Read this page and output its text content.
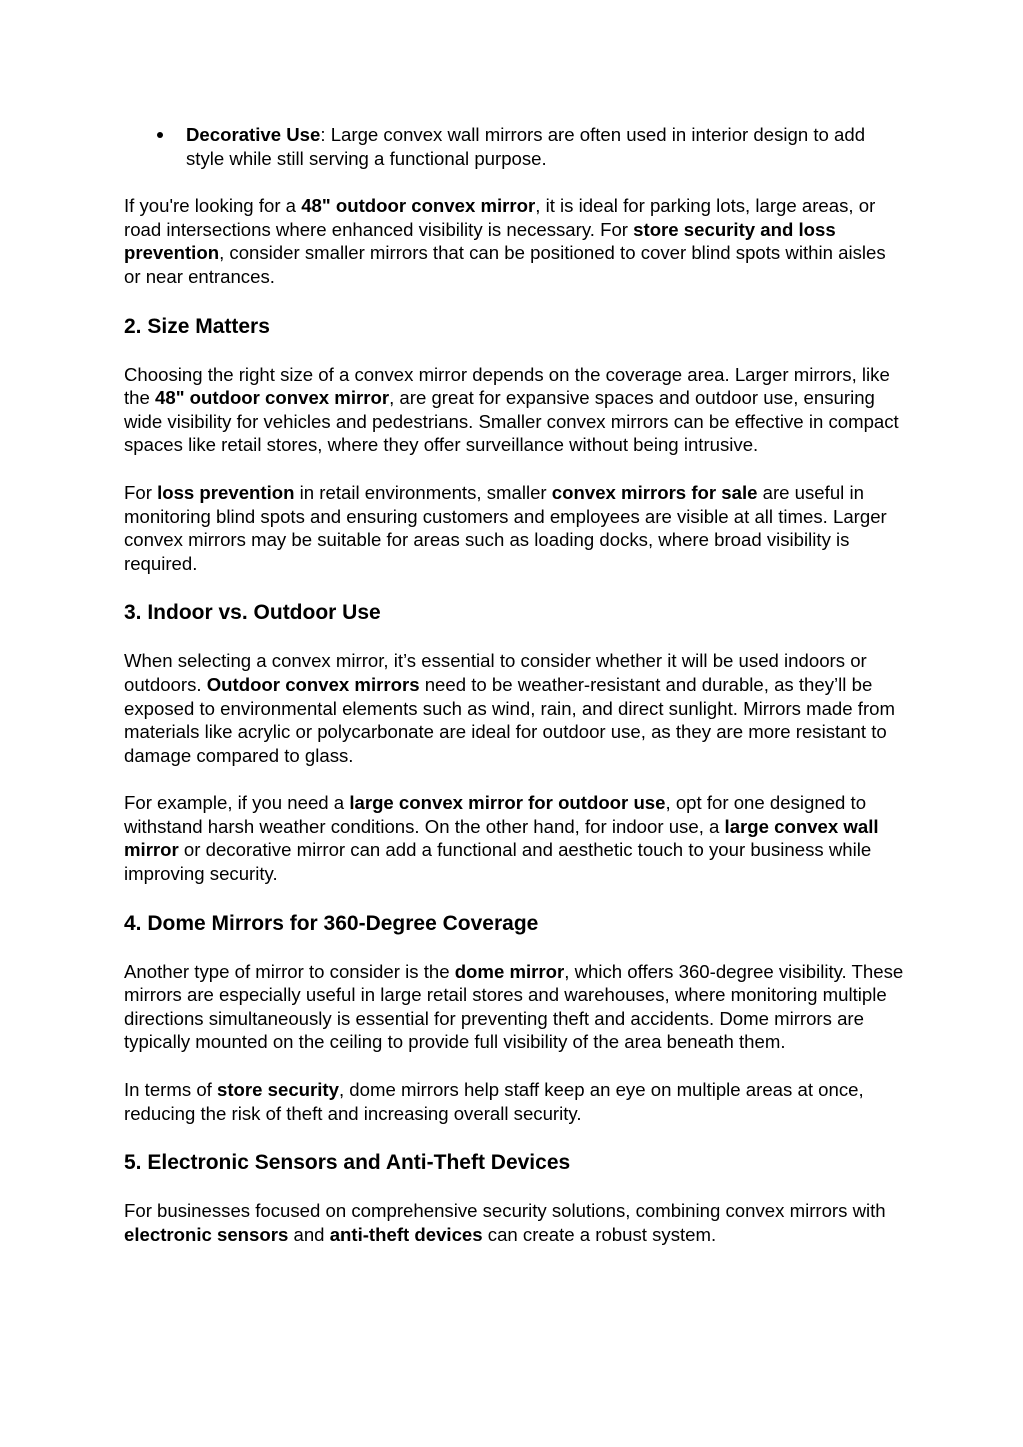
Decorative Use: Large convex wall mirrors are often used in interior design to add style while still serving a functional purpose.

If you're looking for a 48" outdoor convex mirror, it is ideal for parking lots, large areas, or road intersections where enhanced visibility is necessary. For store security and loss prevention, consider smaller mirrors that can be positioned to cover blind spots within aisles or near entrances.

2. Size Matters

Choosing the right size of a convex mirror depends on the coverage area. Larger mirrors, like the 48" outdoor convex mirror, are great for expansive spaces and outdoor use, ensuring wide visibility for vehicles and pedestrians. Smaller convex mirrors can be effective in compact spaces like retail stores, where they offer surveillance without being intrusive.

For loss prevention in retail environments, smaller convex mirrors for sale are useful in monitoring blind spots and ensuring customers and employees are visible at all times. Larger convex mirrors may be suitable for areas such as loading docks, where broad visibility is required.

3. Indoor vs. Outdoor Use

When selecting a convex mirror, it’s essential to consider whether it will be used indoors or outdoors. Outdoor convex mirrors need to be weather-resistant and durable, as they’ll be exposed to environmental elements such as wind, rain, and direct sunlight. Mirrors made from materials like acrylic or polycarbonate are ideal for outdoor use, as they are more resistant to damage compared to glass.

For example, if you need a large convex mirror for outdoor use, opt for one designed to withstand harsh weather conditions. On the other hand, for indoor use, a large convex wall mirror or decorative mirror can add a functional and aesthetic touch to your business while improving security.

4. Dome Mirrors for 360-Degree Coverage

Another type of mirror to consider is the dome mirror, which offers 360-degree visibility. These mirrors are especially useful in large retail stores and warehouses, where monitoring multiple directions simultaneously is essential for preventing theft and accidents. Dome mirrors are typically mounted on the ceiling to provide full visibility of the area beneath them.

In terms of store security, dome mirrors help staff keep an eye on multiple areas at once, reducing the risk of theft and increasing overall security.

5. Electronic Sensors and Anti-Theft Devices

For businesses focused on comprehensive security solutions, combining convex mirrors with electronic sensors and anti-theft devices can create a robust system.
